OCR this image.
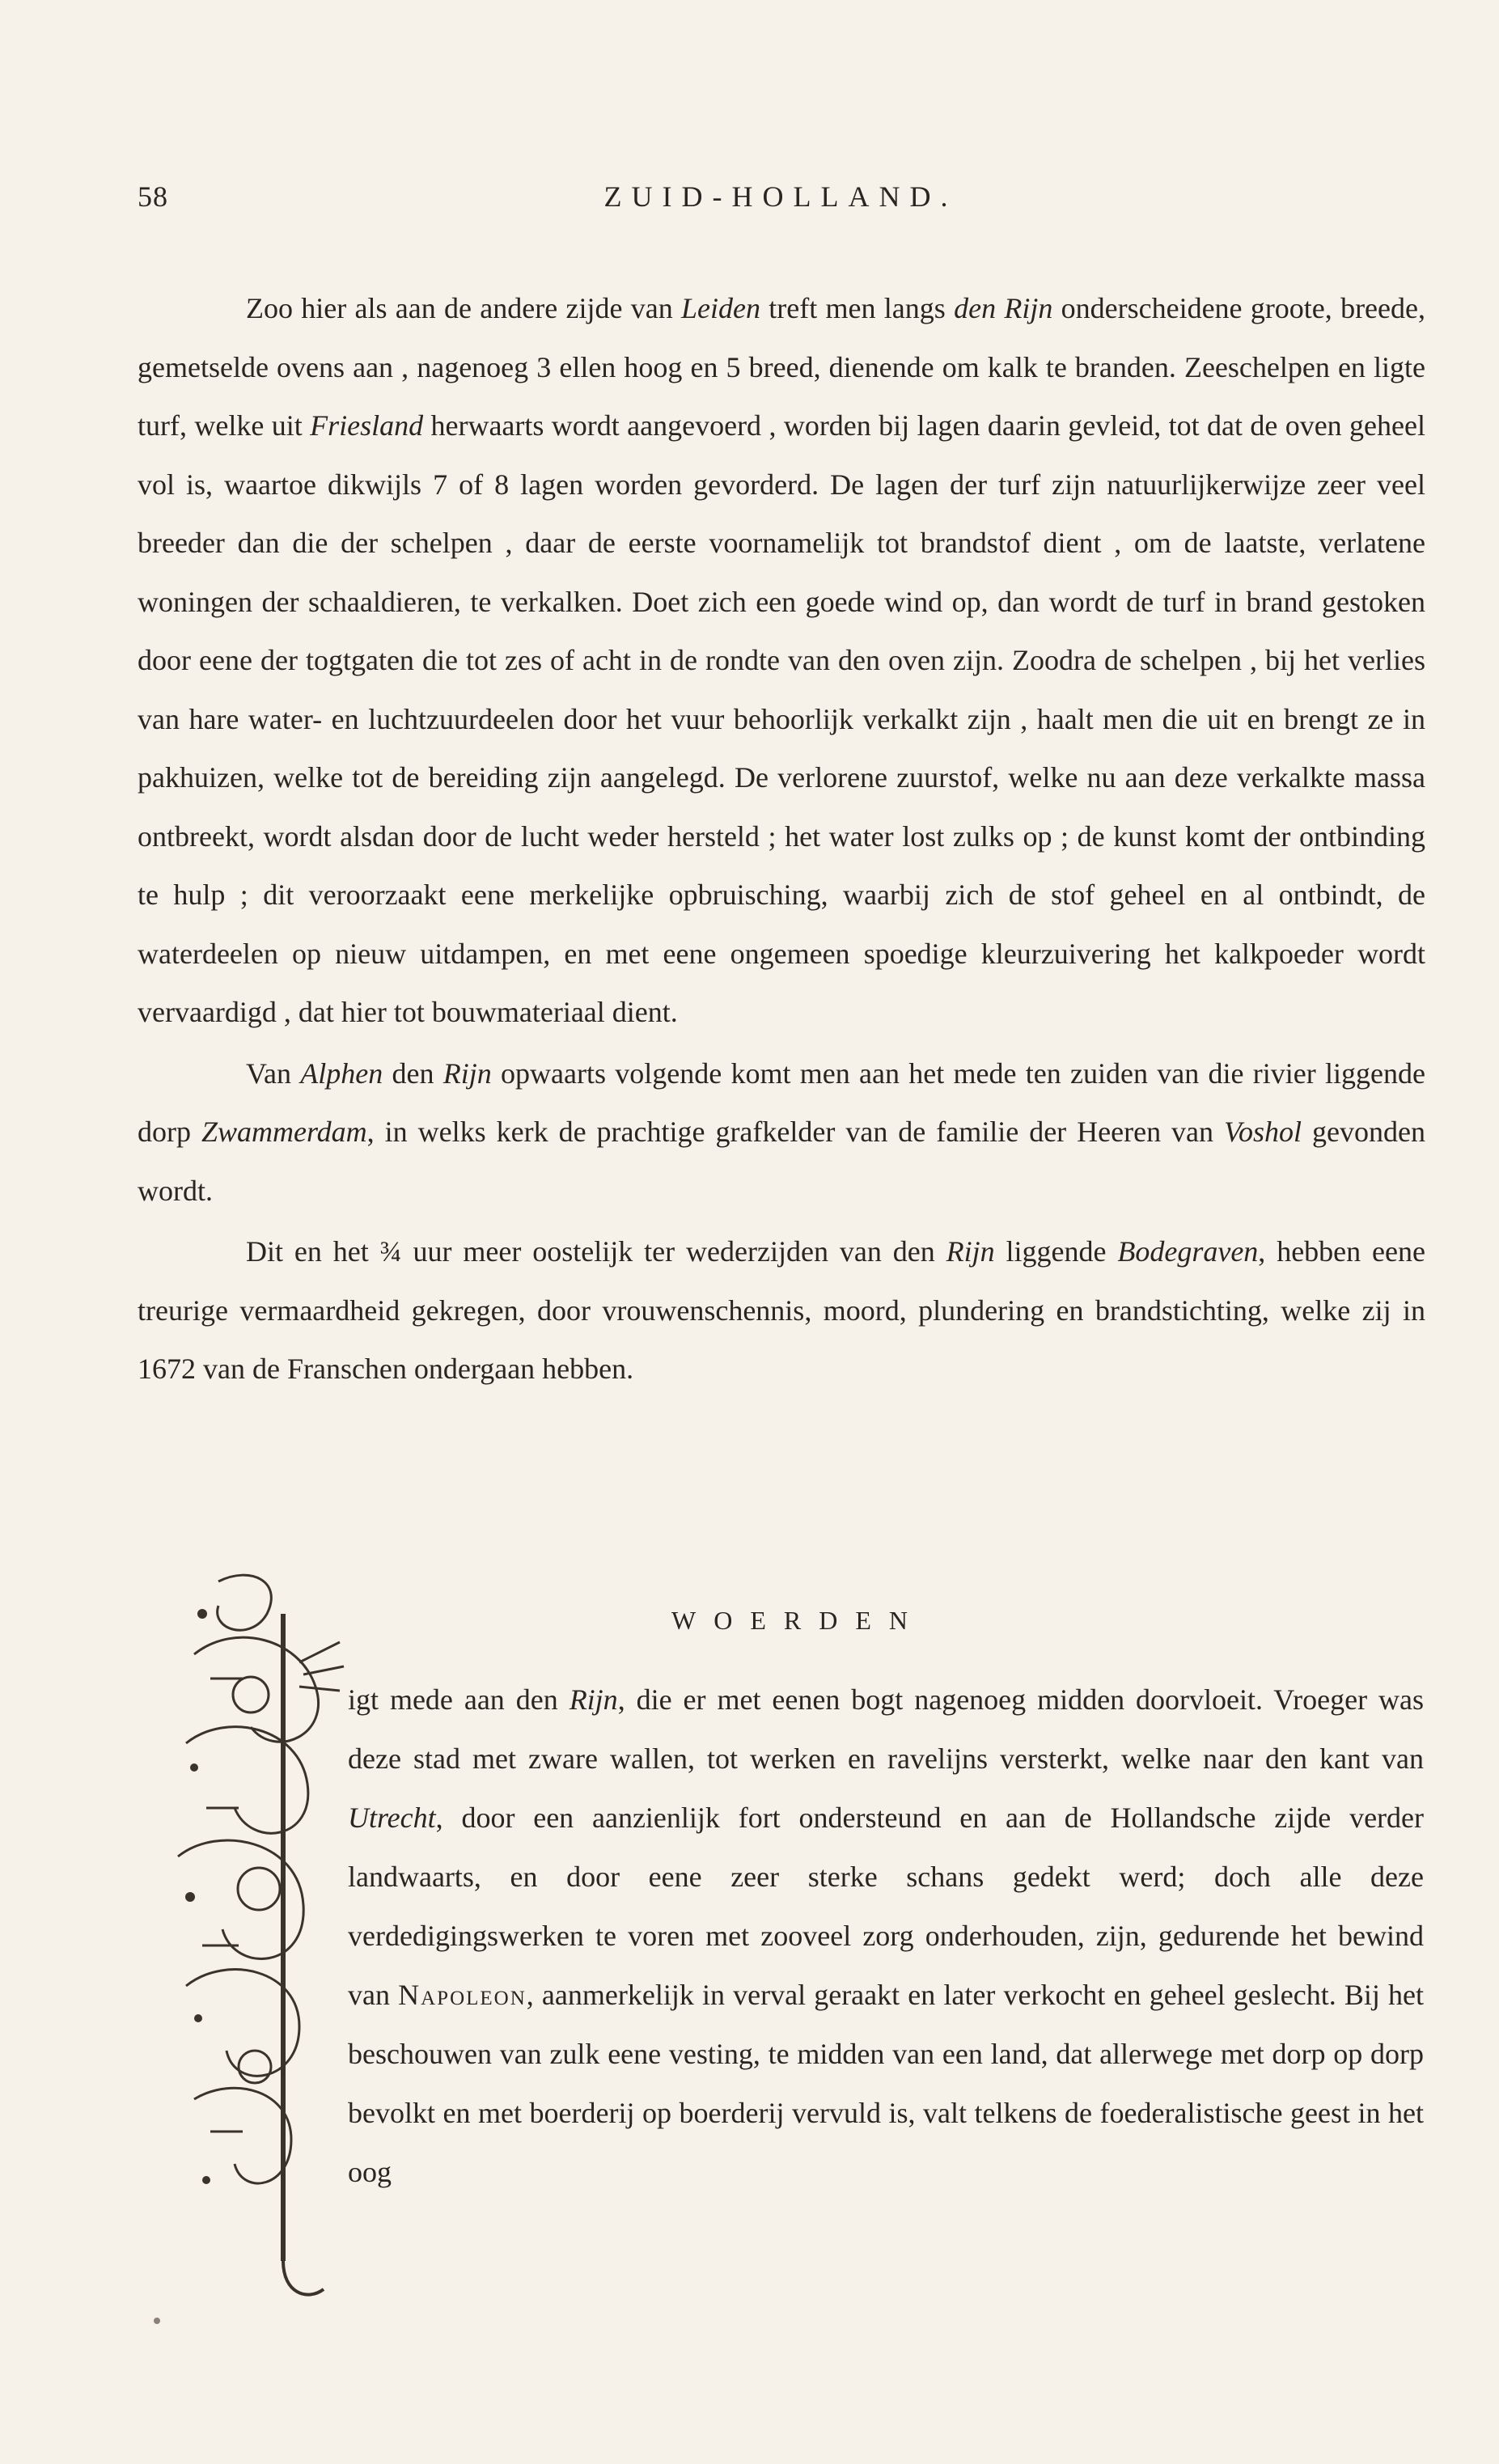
58	ZUID-HOLLAND.

Zoo hier als aan de andere zijde van Leiden treft men langs den Rijn onderscheidene groote, breede, gemetselde ovens aan , nagenoeg 3 ellen hoog en 5 breed, dienende om kalk te branden. Zeeschelpen en ligte turf, welke uit Friesland herwaarts wordt aangevoerd , worden bij lagen daarin gevleid, tot dat de oven geheel vol is, waartoe dikwijls 7 of 8 lagen worden gevorderd. De lagen der turf zijn natuurlijkerwijze zeer veel breeder dan die der schelpen , daar de eerste voornamelijk tot brandstof dient , om de laatste, verlatene woningen der schaaldieren, te verkalken. Doet zich een goede wind op, dan wordt de turf in brand gestoken door eene der togtgaten die tot zes of acht in de rondte van den oven zijn. Zoodra de schelpen , bij het verlies van hare water- en luchtzuurdeelen door het vuur behoorlijk verkalkt zijn , haalt men die uit en brengt ze in pakhuizen, welke tot de bereiding zijn aangelegd. De verlorene zuurstof, welke nu aan deze verkalkte massa ontbreekt, wordt alsdan door de lucht weder hersteld ; het water lost zulks op ; de kunst komt der ontbinding te hulp ; dit veroorzaakt eene merkelijke opbruisching, waarbij zich de stof geheel en al ontbindt, de waterdeelen op nieuw uitdampen, en met eene ongemeen spoedige kleurzuivering het kalkpoeder wordt vervaardigd , dat hier tot bouwmateriaal dient.

Van Alphen den Rijn opwaarts volgende komt men aan het mede ten zuiden van die rivier liggende dorp Zwammerdam, in welks kerk de prachtige grafkelder van de familie der Heeren van Voshol gevonden wordt.

Dit en het ¾ uur meer oostelijk ter wederzijden van den Rijn liggende Bodegraven, hebben eene treurige vermaardheid gekregen, door vrouwenschennis, moord, plundering en brandstichting, welke zij in 1672 van de Franschen ondergaan hebben.

WOERDEN

igt mede aan den Rijn, die er met eenen bogt nagenoeg midden doorvloeit. Vroeger was deze stad met zware wallen, tot werken en ravelijns versterkt, welke naar den kant van Utrecht, door een aanzienlijk fort ondersteund en aan de Hollandsche zijde verder landwaarts, en door eene zeer sterke schans gedekt werd; doch alle deze verdedigingswerken te voren met zooveel zorg onderhouden, zijn, gedurende het bewind van Napoleon, aanmerkelijk in verval geraakt en later verkocht en geheel geslecht. Bij het beschouwen van zulk eene vesting, te midden van een land, dat allerwege met dorp op dorp bevolkt en met boerderij op boerderij vervuld is, valt telkens de foederalistische geest in het oog
